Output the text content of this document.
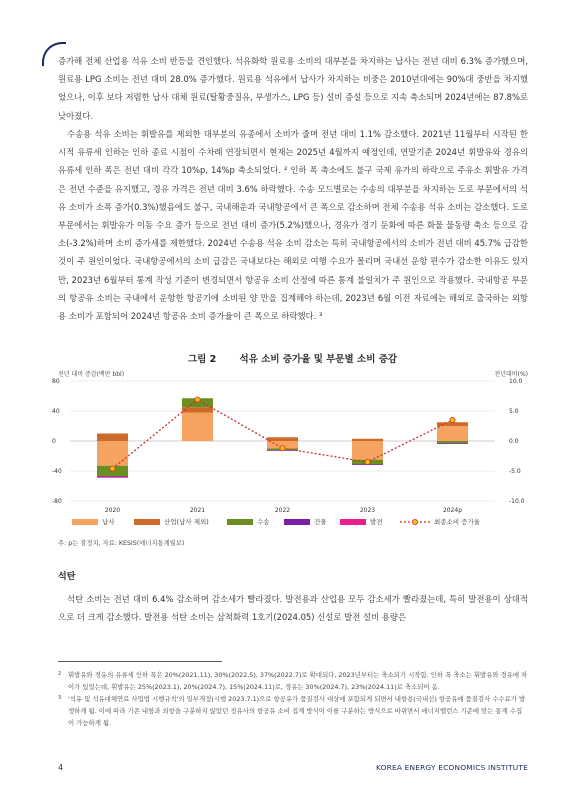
증가해 전체 산업용 석유 소비 반등을 견인했다. 석유화학 원료용 소비의 대부분을 차지하는 납사는 전년 대비 6.3% 증가했으며, 원료용 LPG 소비는 전년 대비 28.0% 증가했다. 원료용 석유에서 납사가 차지하는 비중은 2010년대에는 90%대 중반을 차지했었으나, 이후 보다 저렴한 납사 대체 원료(탈황중질유, 부생가스, LPG 등) 설비 증설 등으로 지속 축소되며 2024년에는 87.8%로 낮아졌다.

수송용 석유 소비는 휘발유를 제외한 대부분의 유종에서 소비가 줄며 전년 대비 1.1% 감소했다. 2021년 11월부터 시작된 한시적 유류세 인하는 인하 종료 시점이 수차례 연장되면서 현재는 2025년 4월까지 예정인데, 연말기준 2024년 휘발유와 경유의 유류세 인하 폭은 전년 대비 각각 10%p, 14%p 축소되었다. ² 인하 폭 축소에도 불구 국제 유가의 하락으로 주유소 휘발유 가격은 전년 수준을 유지했고, 경유 가격은 전년 대비 3.6% 하락했다. 수송 모드별로는 수송의 대부분을 차지하는 도로 부문에서의 석유 소비가 소폭 증가(0.3%)했음에도 불구, 국내해운과 국내항공에서 큰 폭으로 감소하며 전체 수송용 석유 소비는 감소했다. 도로 부문에서는 휘발유가 이동 수요 증가 등으로 전년 대비 증가(5.2%)했으나, 경유가 경기 둔화에 따른 화물 물동량 축소 등으로 감소(-3.2%)하며 소비 증가세를 제한했다. 2024년 수송용 석유 소비 감소는 특히 국내항공에서의 소비가 전년 대비 45.7% 급감한 것이 주 원인이었다. 국내항공에서의 소비 급감은 국내보다는 해외로 여행 수요가 몰리며 국내선 운항 편수가 감소한 이유도 있지만, 2023년 6월부터 통계 작성 기준이 변경되면서 항공유 소비 산정에 따른 통계 불일치가 주 원인으로 작용했다. 국내항공 부문의 항공유 소비는 국내에서 운항한 항공기에 소비된 양 만을 집계해야 하는데, 2023년 6월 이전 자료에는 해외로 출국하는 외항용 소비가 포함되어 2024년 항공유 소비 증가율이 큰 폭으로 하락했다. ³

그림 2 석유 소비 증가율 및 부문별 소비 증감
전년 대비 증감(백만 bbl)	전년대비(%)
80	10.0
40	5.0
0	0.0
-40	-5.0
-80	-10.0
2020	2021	2022	2023	2024p
납사	산업(납사 제외)	수송	건물	발전	최종소비 증가율
주: p는 잠정치, 자료: KESIS(에너지통계월보)
석탄

석탄 소비는 전년 대비 6.4% 감소하며 감소세가 빨라졌다. 발전용과 산업용 모두 감소세가 빨라졌는데, 특히 발전용이 상대적으로 더 크게 감소했다. 발전용 석탄 소비는 삼척화력 1호기(2024.05) 신설로 발전 설비 용량은

2	휘발유와 경유의 유류세 인하 폭은 20%(2021.11), 30%(2022.5), 37%(2022.7)로 확대되다, 2023년부터는 축소되기 시작함. 인하 폭 축소는 휘발유와 경유에 차이가 있었는데, 휘발유는 25%(2023.1), 20%(2024.7), 15%(2024.11)로, 경유는 30%(2024.7), 23%(2024.11)로 축소되어 옴.
3	'석유 및 석유대체연료 사업법 시행규칙'의 일부개정(시행 2023.7.1)으로 항공유가 품질검사 대상에 포함되게 되면서 내항용(국내선) 항공유에 품질검사 수수료가 발생하게 됨. 이에 따라 기존 내항과 외항을 구분하지 않았던 정유사의 항공유 소비 집계 방식이 이를 구분하는 방식으로 바뀌면서 에너지밸런스 기준에 맞는 통계 수집이 가능하게 됨.
4	KOREA ENERGY ECONOMICS INSTITUTE
